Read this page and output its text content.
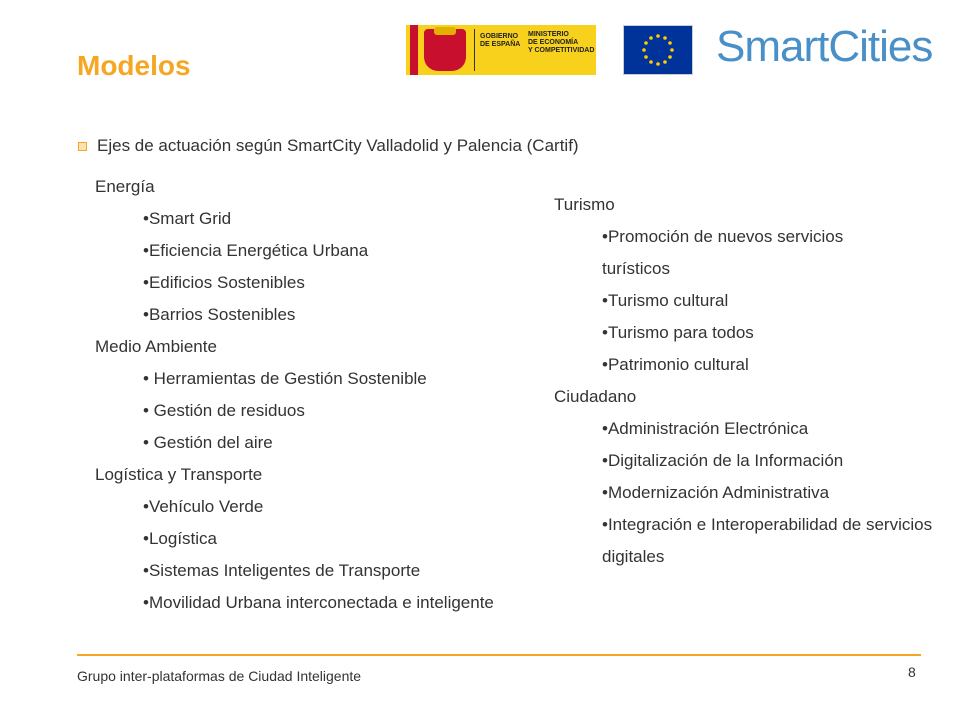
Modelos
GOBIERNO
DE ESPAÑA
MINISTERIO
DE ECONOMÍA
Y COMPETITIVIDAD	SmartCities
Ejes de actuación según SmartCity Valladolid y Palencia (Cartif)
Energía
•Smart Grid
•Eficiencia Energética Urbana
•Edificios Sostenibles
•Barrios Sostenibles
Medio Ambiente
• Herramientas de Gestión Sostenible
• Gestión de residuos
• Gestión del aire
Logística y Transporte
•Vehículo Verde
•Logística
•Sistemas Inteligentes de Transporte
•Movilidad Urbana interconectada e inteligente
Turismo
•Promoción de nuevos servicios turísticos
•Turismo cultural
•Turismo para todos
•Patrimonio cultural
Ciudadano
•Administración Electrónica
•Digitalización de la Información
•Modernización Administrativa
•Integración e Interoperabilidad de servicios digitales
Grupo inter-plataformas de Ciudad Inteligente	8
